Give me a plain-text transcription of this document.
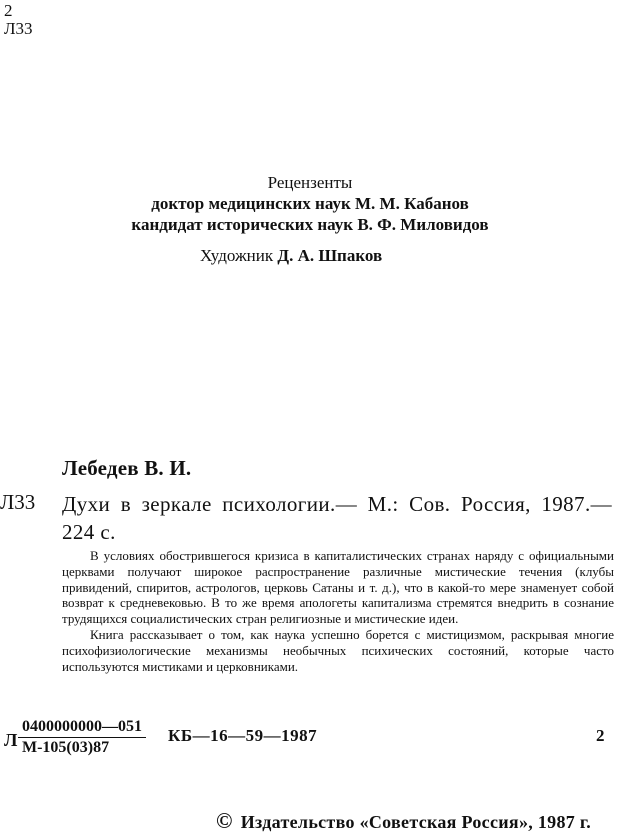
2
Л33
Рецензенты
доктор медицинских наук М. М. Кабанов
кандидат исторических наук В. Ф. Миловидов
Художник Д. А. Шпаков
Лебедев В. И.
Л33 Духи в зеркале психологии.— М.: Сов. Россия, 1987.— 224 с.

В условиях обострившегося кризиса в капиталистических странах наряду с официальными церквами получают широкое распространение различные мистические течения (клубы привидений, спиритов, астрологов, церковь Сатаны и т. д.), что в какой-то мере знаменует собой возврат к средневековью. В то же время апологеты капитализма стремятся внедрить в сознание трудящихся социалистических стран религиозные и мистические идеи.

Книга рассказывает о том, как наука успешно борется с мистицизмом, раскрывая многие психофизиологические механизмы необычных психических состояний, которые часто используются мистиками и церковниками.

Л
0400000000—051
М-105(03)87
КБ—16—59—1987	2
© Издательство «Советская Россия», 1987 г.
